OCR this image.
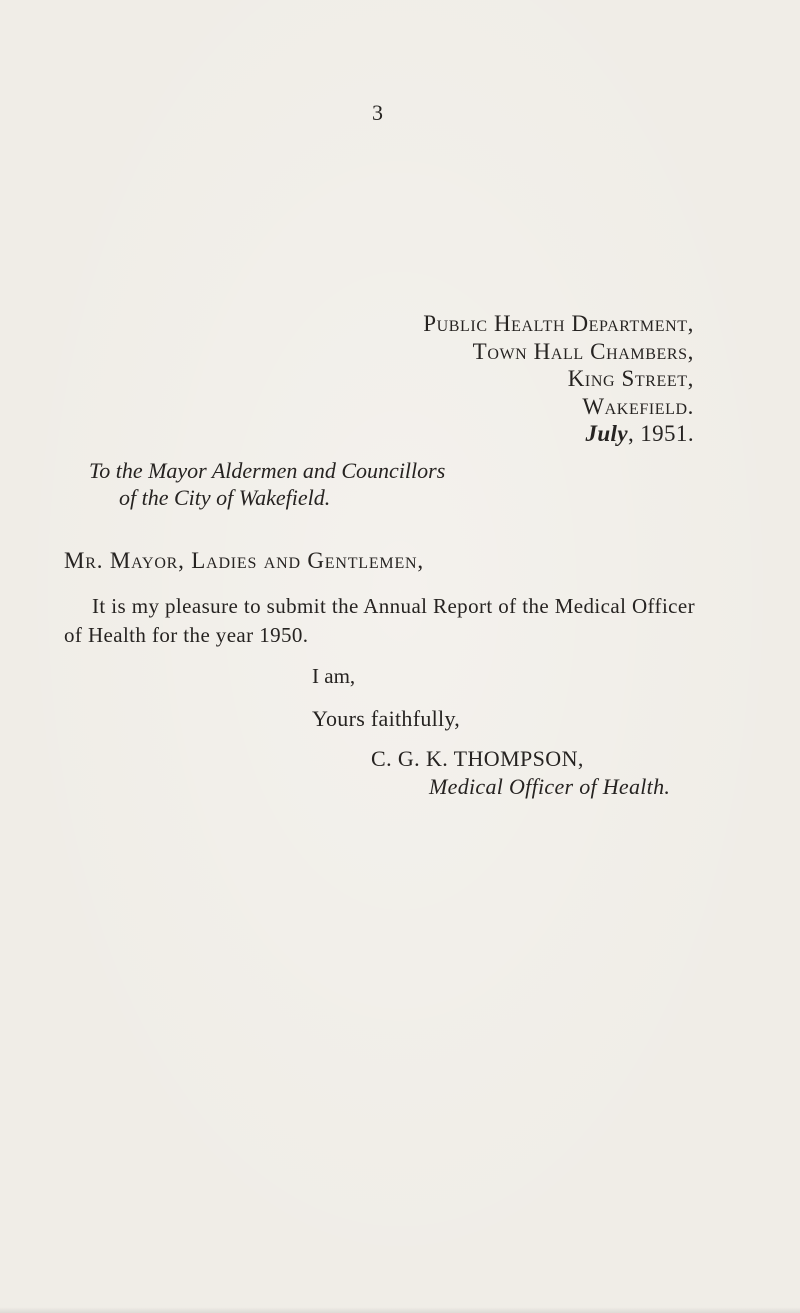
3
Public Health Department,
Town Hall Chambers,
King Street,
Wakefield.
July, 1951.
To the Mayor Aldermen and Councillors
of the City of Wakefield.
Mr. Mayor, Ladies and Gentlemen,
It is my pleasure to submit the Annual Report of the Medical Officer of Health for the year 1950.
I am,
Yours faithfully,
C. G. K. THOMPSON,
Medical Officer of Health.
